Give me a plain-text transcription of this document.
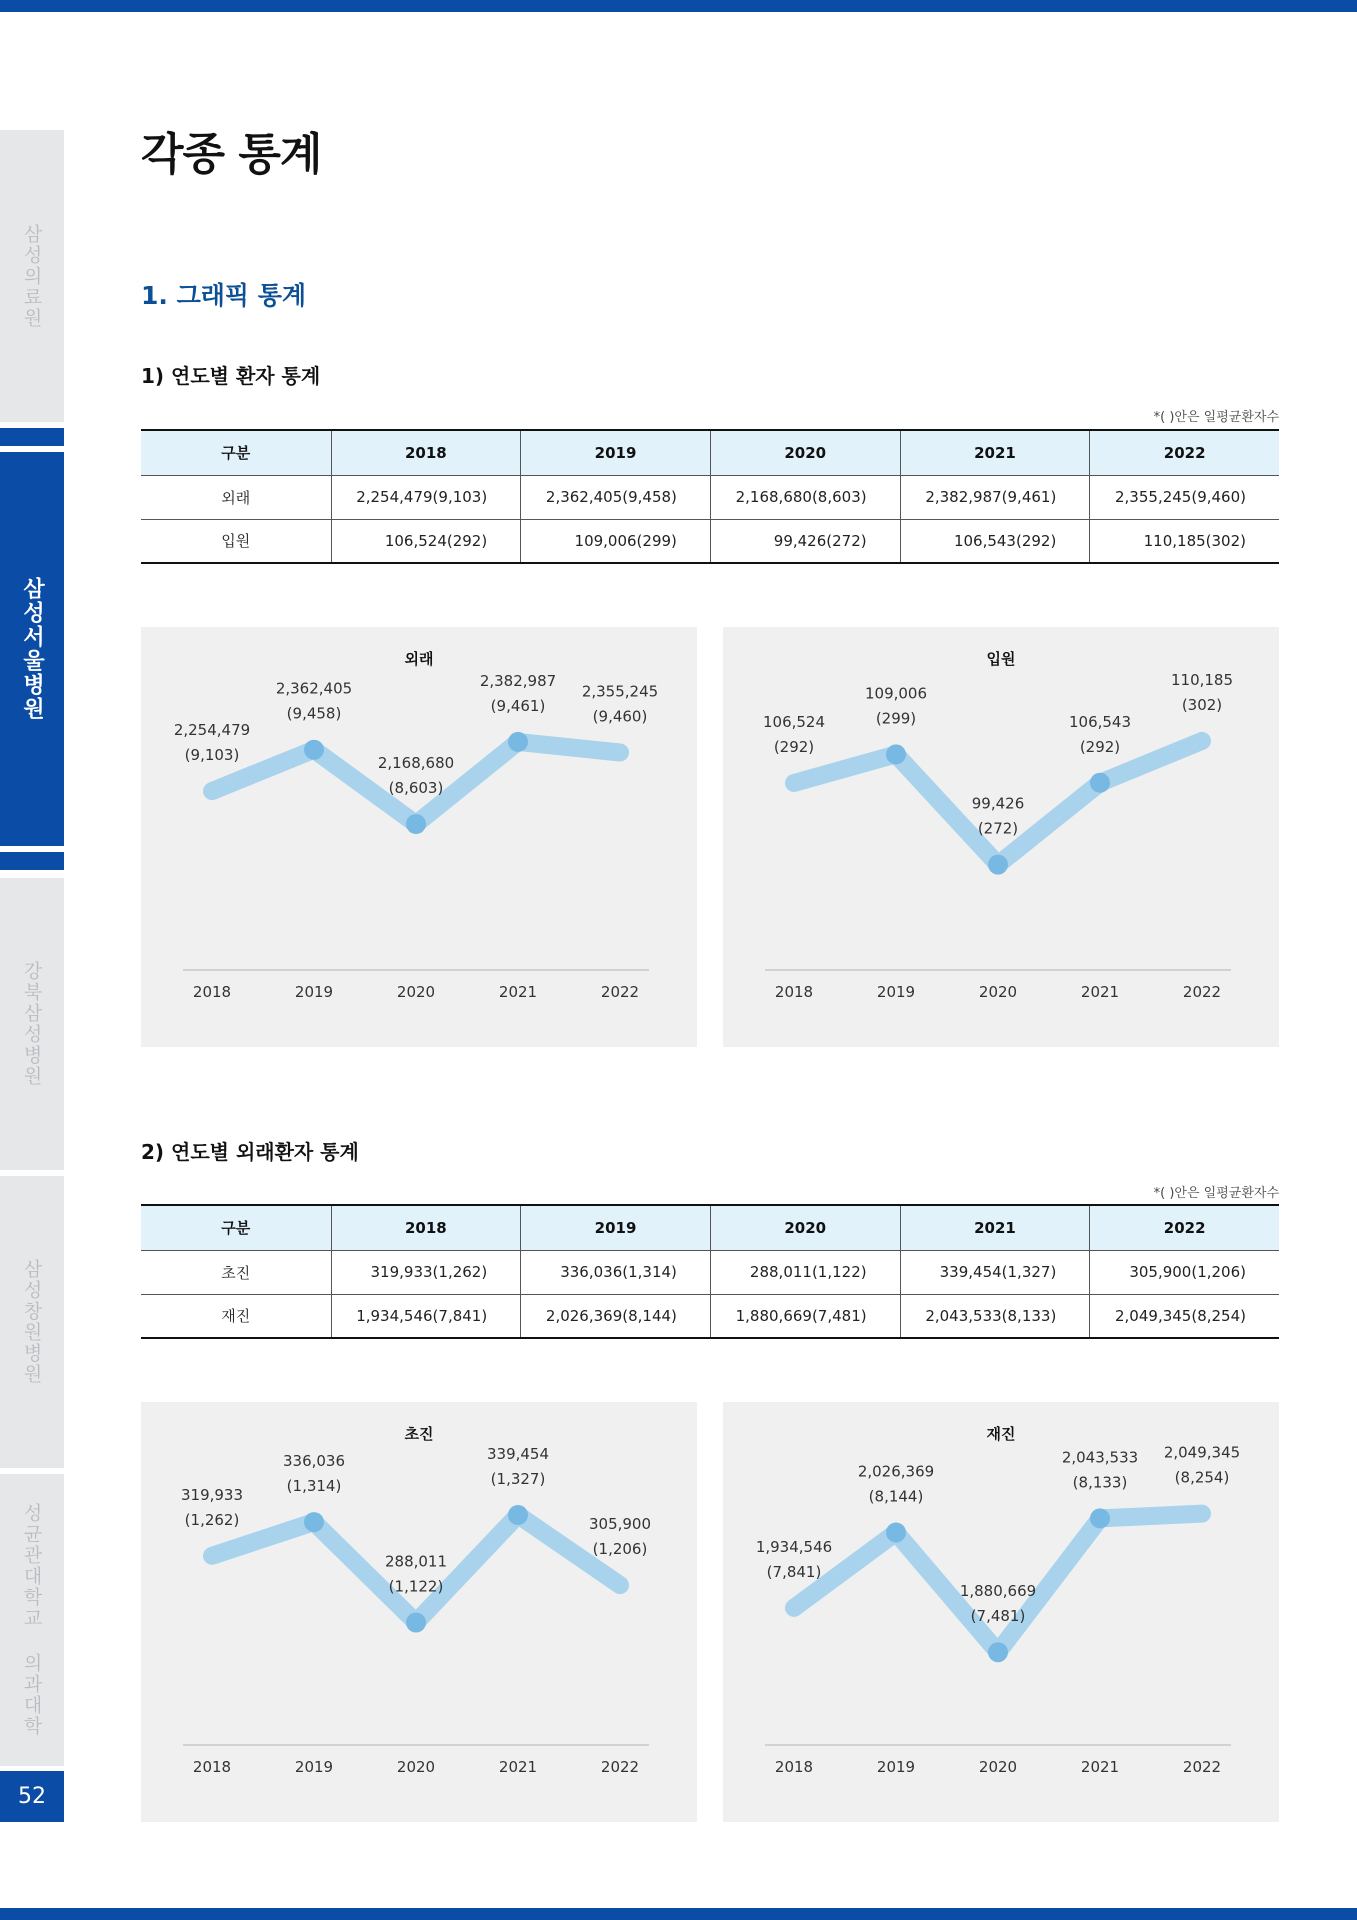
삼성의료원
삼성서울병원
강북삼성병원
삼성창원병원
성균관대학교 의과대학
52
각종 통계
1. 그래픽 통계
1) 연도별 환자 통계
*( )안은 일평균환자수
구분	2018	2019	2020	2021	2022
외래	2,254,479(9,103)	2,362,405(9,458)	2,168,680(8,603)	2,382,987(9,461)	2,355,245(9,460)
입원	106,524(292)	109,006(299)	99,426(272)	106,543(292)	110,185(302)
외래
2,254,479
(9,103)
2018
2,362,405
(9,458)
2019
2,168,680
(8,603)
2020
2,382,987
(9,461)
2021
2,355,245
(9,460)
2022
입원
106,524
(292)
2018
109,006
(299)
2019
99,426
(272)
2020
106,543
(292)
2021
110,185
(302)
2022
2) 연도별 외래환자 통계
*( )안은 일평균환자수
구분	2018	2019	2020	2021	2022
초진	319,933(1,262)	336,036(1,314)	288,011(1,122)	339,454(1,327)	305,900(1,206)
재진	1,934,546(7,841)	2,026,369(8,144)	1,880,669(7,481)	2,043,533(8,133)	2,049,345(8,254)
초진
319,933
(1,262)
2018
336,036
(1,314)
2019
288,011
(1,122)
2020
339,454
(1,327)
2021
305,900
(1,206)
2022
재진
1,934,546
(7,841)
2018
2,026,369
(8,144)
2019
1,880,669
(7,481)
2020
2,043,533
(8,133)
2021
2,049,345
(8,254)
2022
